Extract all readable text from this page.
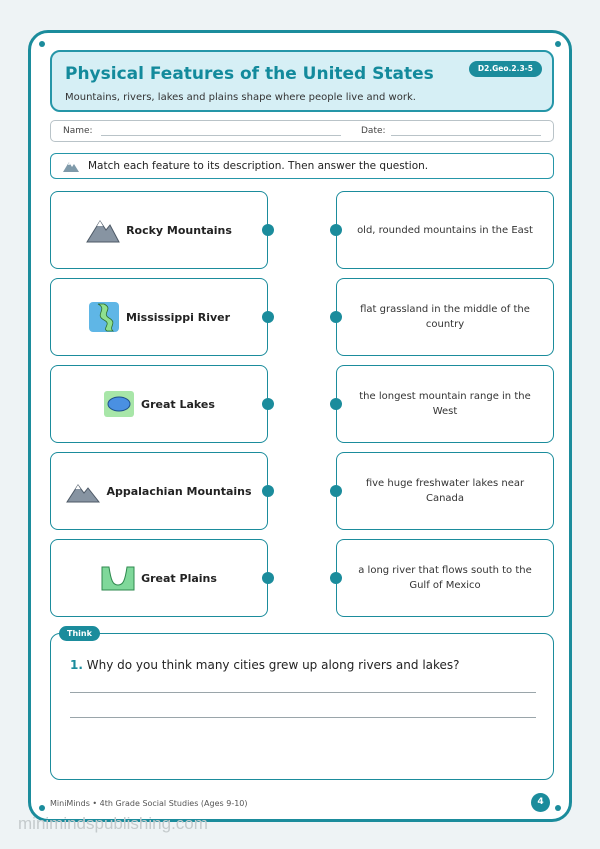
Physical Features of the United States
Mountains, rivers, lakes and plains shape where people live and work.
D2.Geo.2.3-5
Name:	Date:
Match each feature to its description. Then answer the question.
Rocky Mountains
Mississippi River
Great Lakes
Appalachian Mountains
Great Plains
old, rounded mountains in the East
flat grassland in the middle of the country
the longest mountain range in the West
five huge freshwater lakes near Canada
a long river that flows south to the Gulf of Mexico
Think
1. Why do you think many cities grew up along rivers and lakes?
MiniMinds • 4th Grade Social Studies (Ages 9-10)	4
minimindspublishing.com
